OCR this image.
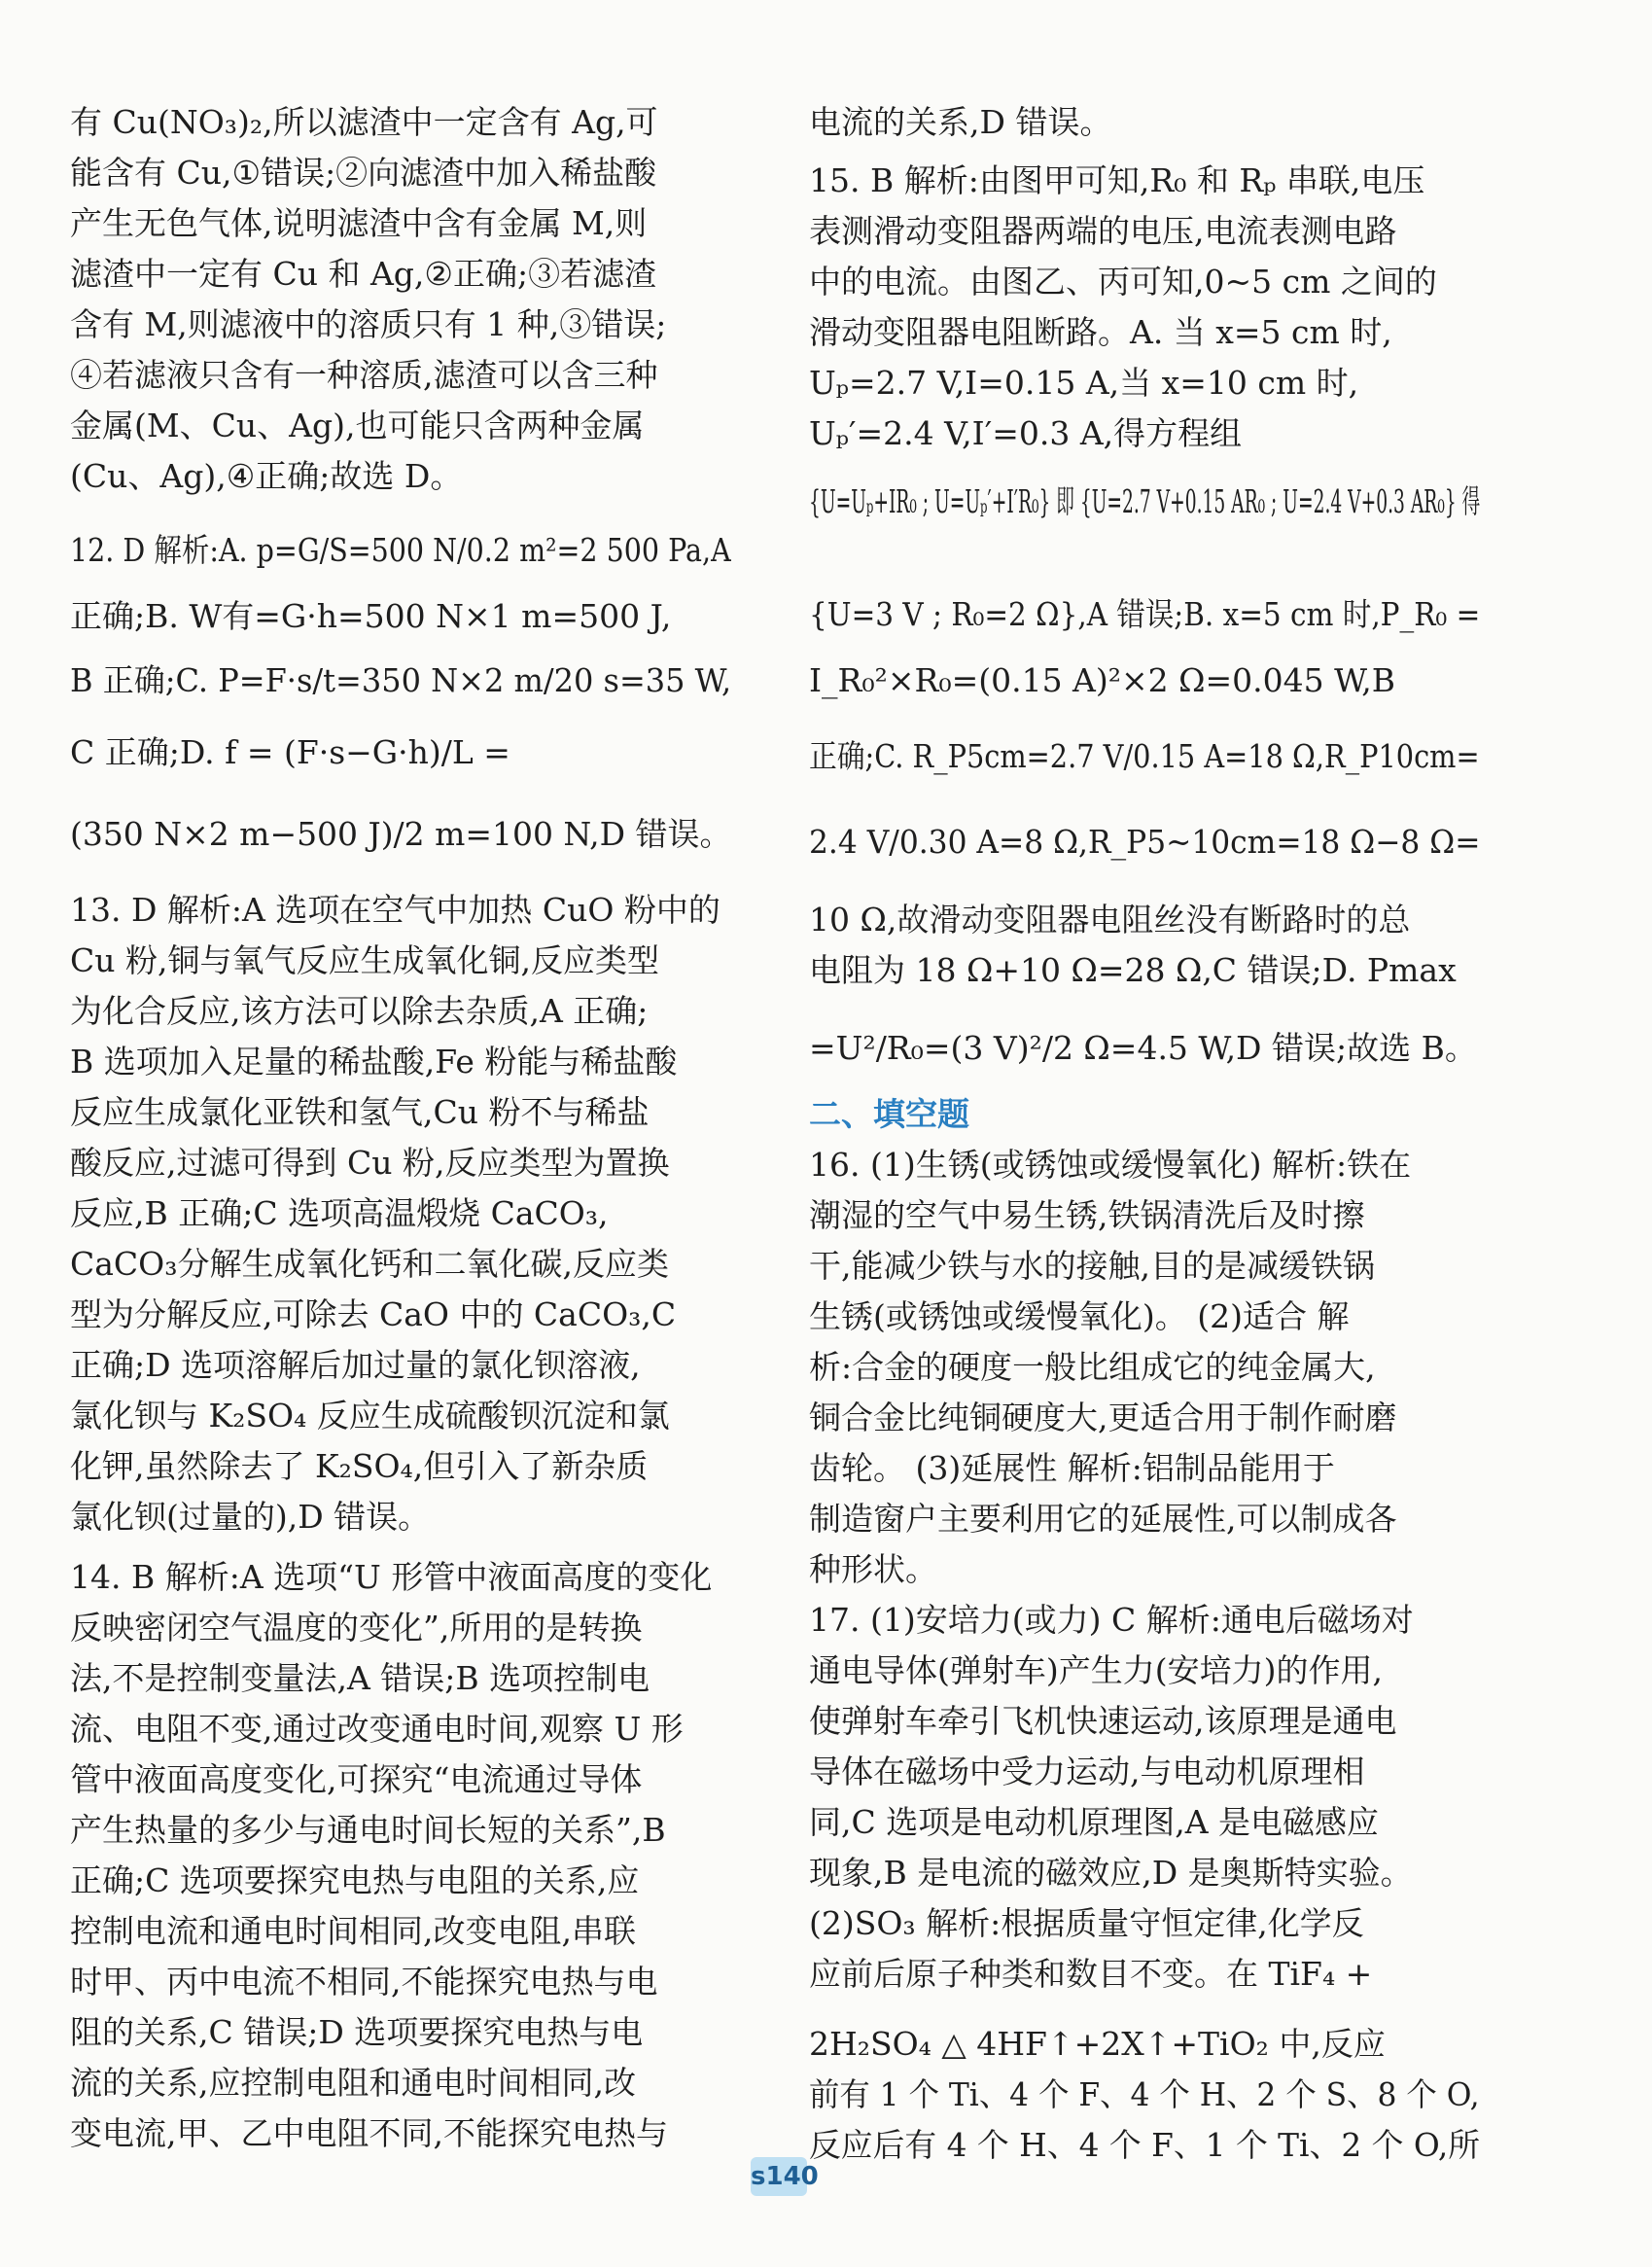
有 Cu(NO₃)₂,所以滤渣中一定含有 Ag,可
能含有 Cu,①错误;②向滤渣中加入稀盐酸
产生无色气体,说明滤渣中含有金属 M,则
滤渣中一定有 Cu 和 Ag,②正确;③若滤渣
含有 M,则滤液中的溶质只有 1 种,③错误;
④若滤液只含有一种溶质,滤渣可以含三种
金属(M、Cu、Ag),也可能只含两种金属
(Cu、Ag),④正确;故选 D。
12. D 解析:A. p=G/S=500 N/0.2 m²=2 500 Pa,A
正确;B. W有=G·h=500 N×1 m=500 J,
B 正确;C. P=F·s/t=350 N×2 m/20 s=35 W,
C 正确;D. f = (F·s−G·h)/L =
(350 N×2 m−500 J)/2 m=100 N,D 错误。
13. D 解析:A 选项在空气中加热 CuO 粉中的
Cu 粉,铜与氧气反应生成氧化铜,反应类型
为化合反应,该方法可以除去杂质,A 正确;
B 选项加入足量的稀盐酸,Fe 粉能与稀盐酸
反应生成氯化亚铁和氢气,Cu 粉不与稀盐
酸反应,过滤可得到 Cu 粉,反应类型为置换
反应,B 正确;C 选项高温煅烧 CaCO₃,
CaCO₃分解生成氧化钙和二氧化碳,反应类
型为分解反应,可除去 CaO 中的 CaCO₃,C
正确;D 选项溶解后加过量的氯化钡溶液,
氯化钡与 K₂SO₄ 反应生成硫酸钡沉淀和氯
化钾,虽然除去了 K₂SO₄,但引入了新杂质
氯化钡(过量的),D 错误。
14. B 解析:A 选项“U 形管中液面高度的变化
反映密闭空气温度的变化”,所用的是转换
法,不是控制变量法,A 错误;B 选项控制电
流、电阻不变,通过改变通电时间,观察 U 形
管中液面高度变化,可探究“电流通过导体
产生热量的多少与通电时间长短的关系”,B
正确;C 选项要探究电热与电阻的关系,应
控制电流和通电时间相同,改变电阻,串联
时甲、丙中电流不相同,不能探究电热与电
阻的关系,C 错误;D 选项要探究电热与电
流的关系,应控制电阻和通电时间相同,改
变电流,甲、乙中电阻不同,不能探究电热与
电流的关系,D 错误。
15. B 解析:由图甲可知,R₀ 和 Rₚ 串联,电压
表测滑动变阻器两端的电压,电流表测电路
中的电流。由图乙、丙可知,0~5 cm 之间的
滑动变阻器电阻断路。A. 当 x=5 cm 时,
Uₚ=2.7 V,I=0.15 A,当 x=10 cm 时,
Uₚ′=2.4 V,I′=0.3 A,得方程组
{U=Uₚ+IR₀ ; U=Uₚ′+I′R₀} 即 {U=2.7 V+0.15 AR₀ ; U=2.4 V+0.3 AR₀} 得
{U=3 V ; R₀=2 Ω},A 错误;B. x=5 cm 时,P_R₀ =
I_R₀²×R₀=(0.15 A)²×2 Ω=0.045 W,B
正确;C. R_P5cm=2.7 V/0.15 A=18 Ω,R_P10cm=
2.4 V/0.30 A=8 Ω,R_P5~10cm=18 Ω−8 Ω=
10 Ω,故滑动变阻器电阻丝没有断路时的总
电阻为 18 Ω+10 Ω=28 Ω,C 错误;D. Pmax
=U²/R₀=(3 V)²/2 Ω=4.5 W,D 错误;故选 B。
二、填空题
16. (1)生锈(或锈蚀或缓慢氧化) 解析:铁在
潮湿的空气中易生锈,铁锅清洗后及时擦
干,能减少铁与水的接触,目的是减缓铁锅
生锈(或锈蚀或缓慢氧化)。 (2)适合 解
析:合金的硬度一般比组成它的纯金属大,
铜合金比纯铜硬度大,更适合用于制作耐磨
齿轮。 (3)延展性 解析:铝制品能用于
制造窗户主要利用它的延展性,可以制成各
种形状。
17. (1)安培力(或力) C 解析:通电后磁场对
通电导体(弹射车)产生力(安培力)的作用,
使弹射车牵引飞机快速运动,该原理是通电
导体在磁场中受力运动,与电动机原理相
同,C 选项是电动机原理图,A 是电磁感应
现象,B 是电流的磁效应,D 是奥斯特实验。
(2)SO₃ 解析:根据质量守恒定律,化学反
应前后原子种类和数目不变。在 TiF₄ +
2H₂SO₄ △ 4HF↑+2X↑+TiO₂ 中,反应
前有 1 个 Ti、4 个 F、4 个 H、2 个 S、8 个 O,
反应后有 4 个 H、4 个 F、1 个 Ti、2 个 O,所
s140
